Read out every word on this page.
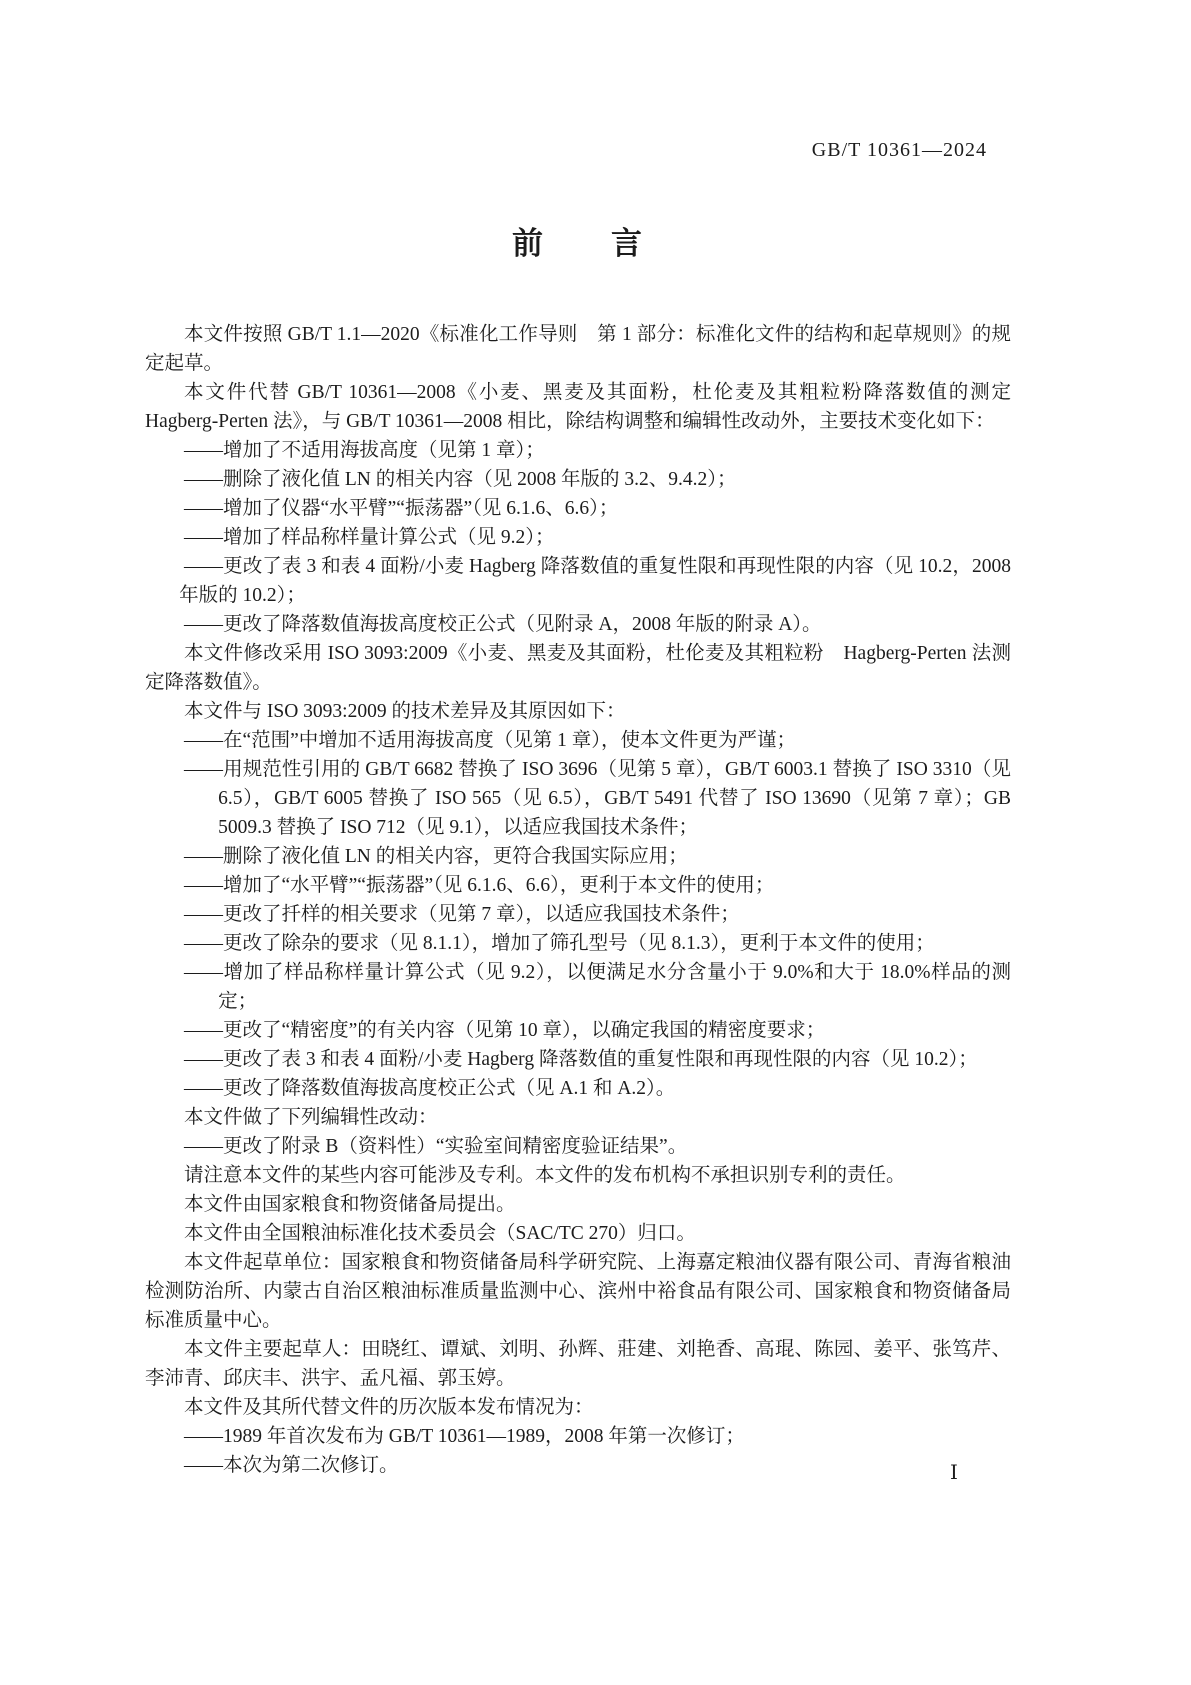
GB/T 10361—2024
前　　言

本文件按照 GB/T 1.1—2020《标准化工作导则　第 1 部分：标准化文件的结构和起草规则》的规定起草。

本文件代替 GB/T 10361—2008《小麦、黑麦及其面粉，杜伦麦及其粗粒粉降落数值的测定　Hagberg-Perten 法》，与 GB/T 10361—2008 相比，除结构调整和编辑性改动外，主要技术变化如下：

——增加了不适用海拔高度（见第 1 章）；

——删除了液化值 LN 的相关内容（见 2008 年版的 3.2、9.4.2）；

——增加了仪器“水平臂”“振荡器”（见 6.1.6、6.6）；

——增加了样品称样量计算公式（见 9.2）；

——更改了表 3 和表 4 面粉/小麦 Hagberg 降落数值的重复性限和再现性限的内容（见 10.2，2008 年版的 10.2）；

——更改了降落数值海拔高度校正公式（见附录 A，2008 年版的附录 A）。

本文件修改采用 ISO 3093:2009《小麦、黑麦及其面粉，杜伦麦及其粗粒粉　Hagberg-Perten 法测定降落数值》。

本文件与 ISO 3093:2009 的技术差异及其原因如下：

——在“范围”中增加不适用海拔高度（见第 1 章），使本文件更为严谨；

——用规范性引用的 GB/T 6682 替换了 ISO 3696（见第 5 章），GB/T 6003.1 替换了 ISO 3310（见 6.5），GB/T 6005 替换了 ISO 565（见 6.5），GB/T 5491 代替了 ISO 13690（见第 7 章）；GB 5009.3 替换了 ISO 712（见 9.1），以适应我国技术条件；

——删除了液化值 LN 的相关内容，更符合我国实际应用；

——增加了“水平臂”“振荡器”（见 6.1.6、6.6），更利于本文件的使用；

——更改了扦样的相关要求（见第 7 章），以适应我国技术条件；

——更改了除杂的要求（见 8.1.1），增加了筛孔型号（见 8.1.3），更利于本文件的使用；

——增加了样品称样量计算公式（见 9.2），以便满足水分含量小于 9.0%和大于 18.0%样品的测定；

——更改了“精密度”的有关内容（见第 10 章），以确定我国的精密度要求；

——更改了表 3 和表 4 面粉/小麦 Hagberg 降落数值的重复性限和再现性限的内容（见 10.2）；

——更改了降落数值海拔高度校正公式（见 A.1 和 A.2）。

本文件做了下列编辑性改动：

——更改了附录 B（资料性）“实验室间精密度验证结果”。

请注意本文件的某些内容可能涉及专利。本文件的发布机构不承担识别专利的责任。

本文件由国家粮食和物资储备局提出。

本文件由全国粮油标准化技术委员会（SAC/TC 270）归口。

本文件起草单位：国家粮食和物资储备局科学研究院、上海嘉定粮油仪器有限公司、青海省粮油检测防治所、内蒙古自治区粮油标准质量监测中心、滨州中裕食品有限公司、国家粮食和物资储备局标准质量中心。

本文件主要起草人：田晓红、谭斌、刘明、孙辉、莊建、刘艳香、高琨、陈园、姜平、张笃芹、李沛青、邱庆丰、洪宇、孟凡福、郭玉婷。

本文件及其所代替文件的历次版本发布情况为：

——1989 年首次发布为 GB/T 10361—1989，2008 年第一次修订；

——本次为第二次修订。	Ⅰ
